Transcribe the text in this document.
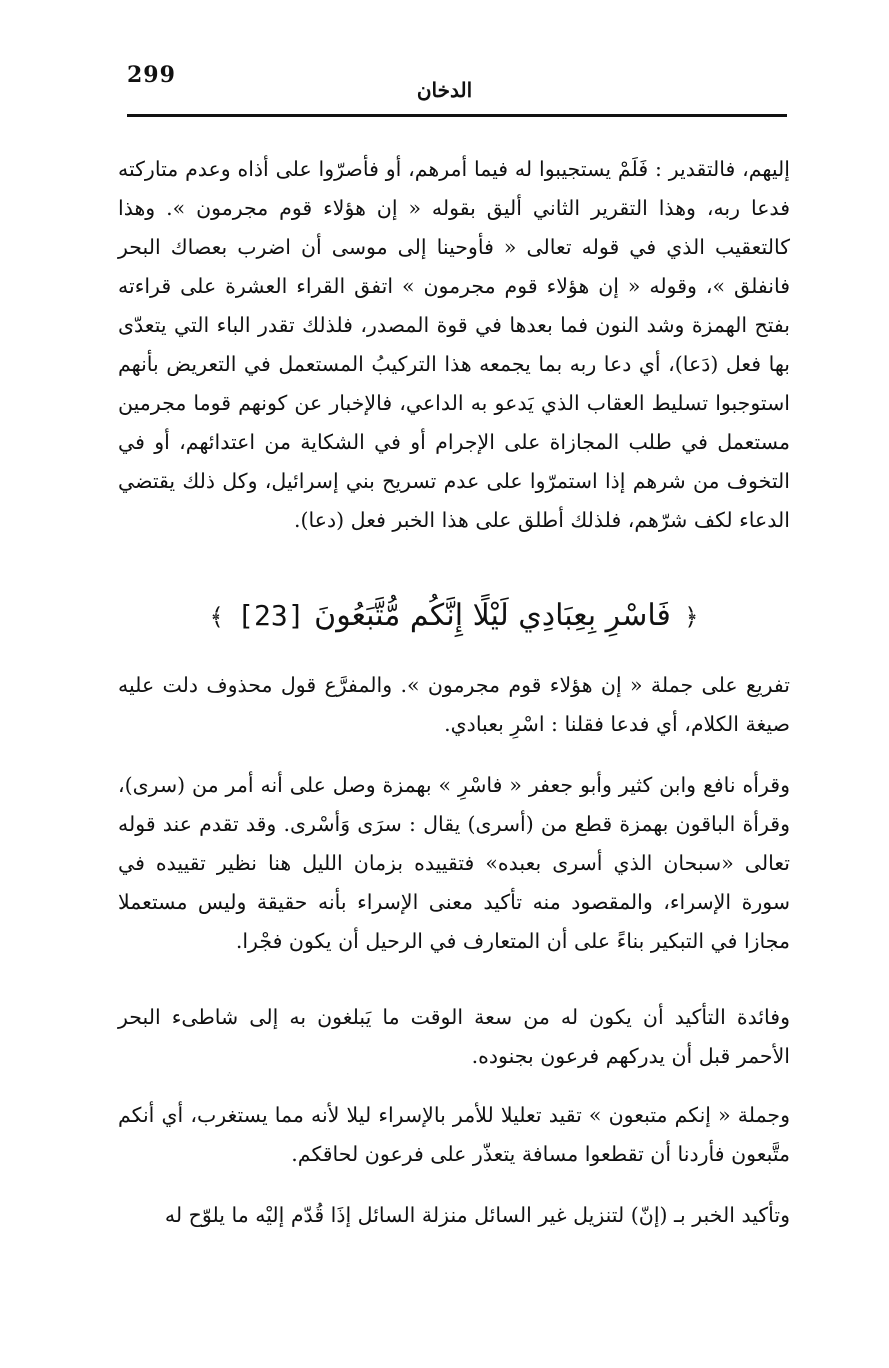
299
الدخان

إليهم، فالتقدير : فَلَمْ يستجيبوا له فيما أمرهم، أو فأصرّوا على أذاه وعدم متاركته فدعا ربه، وهذا التقرير الثاني أليق بقوله « إن هؤلاء قوم مجرمون ». وهذا كالتعقيب الذي في قوله تعالى « فأوحينا إلى موسى أن اضرب بعصاك البحر فانفلق »، وقوله « إن هؤلاء قوم مجرمون » اتفق القراء العشرة على قراءته بفتح الهمزة وشد النون فما بعدها في قوة المصدر، فلذلك تقدر الباء التي يتعدّى بها فعل (دَعا)، أي دعا ربه بما يجمعه هذا التركيبُ المستعمل في التعريض بأنهم استوجبوا تسليط العقاب الذي يَدعو به الداعي، فالإخبار عن كونهم قوما مجرمين مستعمل في طلب المجازاة على الإجرام أو في الشكاية من اعتدائهم، أو في التخوف من شرهم إذا استمرّوا على عدم تسريح بني إسرائيل، وكل ذلك يقتضي الدعاء لكف شرّهم، فلذلك أطلق على هذا الخبر فعل (دعا).

﴿ فَاسْرِ بِعِبَادِي لَيْلًا إِنَّكُم مُّتَّبَعُونَ [23] ﴾

تفريع على جملة « إن هؤلاء قوم مجرمون ». والمفرَّع قول محذوف دلت عليه صيغة الكلام، أي فدعا فقلنا : اسْرِ بعبادي.

وقرأه نافع وابن كثير وأبو جعفر « فاسْرِ » بهمزة وصل على أنه أمر من (سرى)، وقرأة الباقون بهمزة قطع من (أسرى) يقال : سرَى وَأسْرى. وقد تقدم عند قوله تعالى «سبحان الذي أسرى بعبده» فتقييده بزمان الليل هنا نظير تقييده في سورة الإسراء، والمقصود منه تأكيد معنى الإسراء بأنه حقيقة وليس مستعملا مجازا في التبكير بناءً على أن المتعارف في الرحيل أن يكون فجْرا.

وفائدة التأكيد أن يكون له من سعة الوقت ما يَبلغون به إلى شاطىء البحر الأحمر قبل أن يدركهم فرعون بجنوده.

وجملة « إنكم متبعون » تقيد تعليلا للأمر بالإسراء ليلا لأنه مما يستغرب، أي أنكم متَّبعون فأردنا أن تقطعوا مسافة يتعذّر على فرعون لحاقكم.

وتأكيد الخبر بـ (إنّ) لتنزيل غير السائل منزلة السائل إذَا قُدّم إليْه ما يلوّح له
